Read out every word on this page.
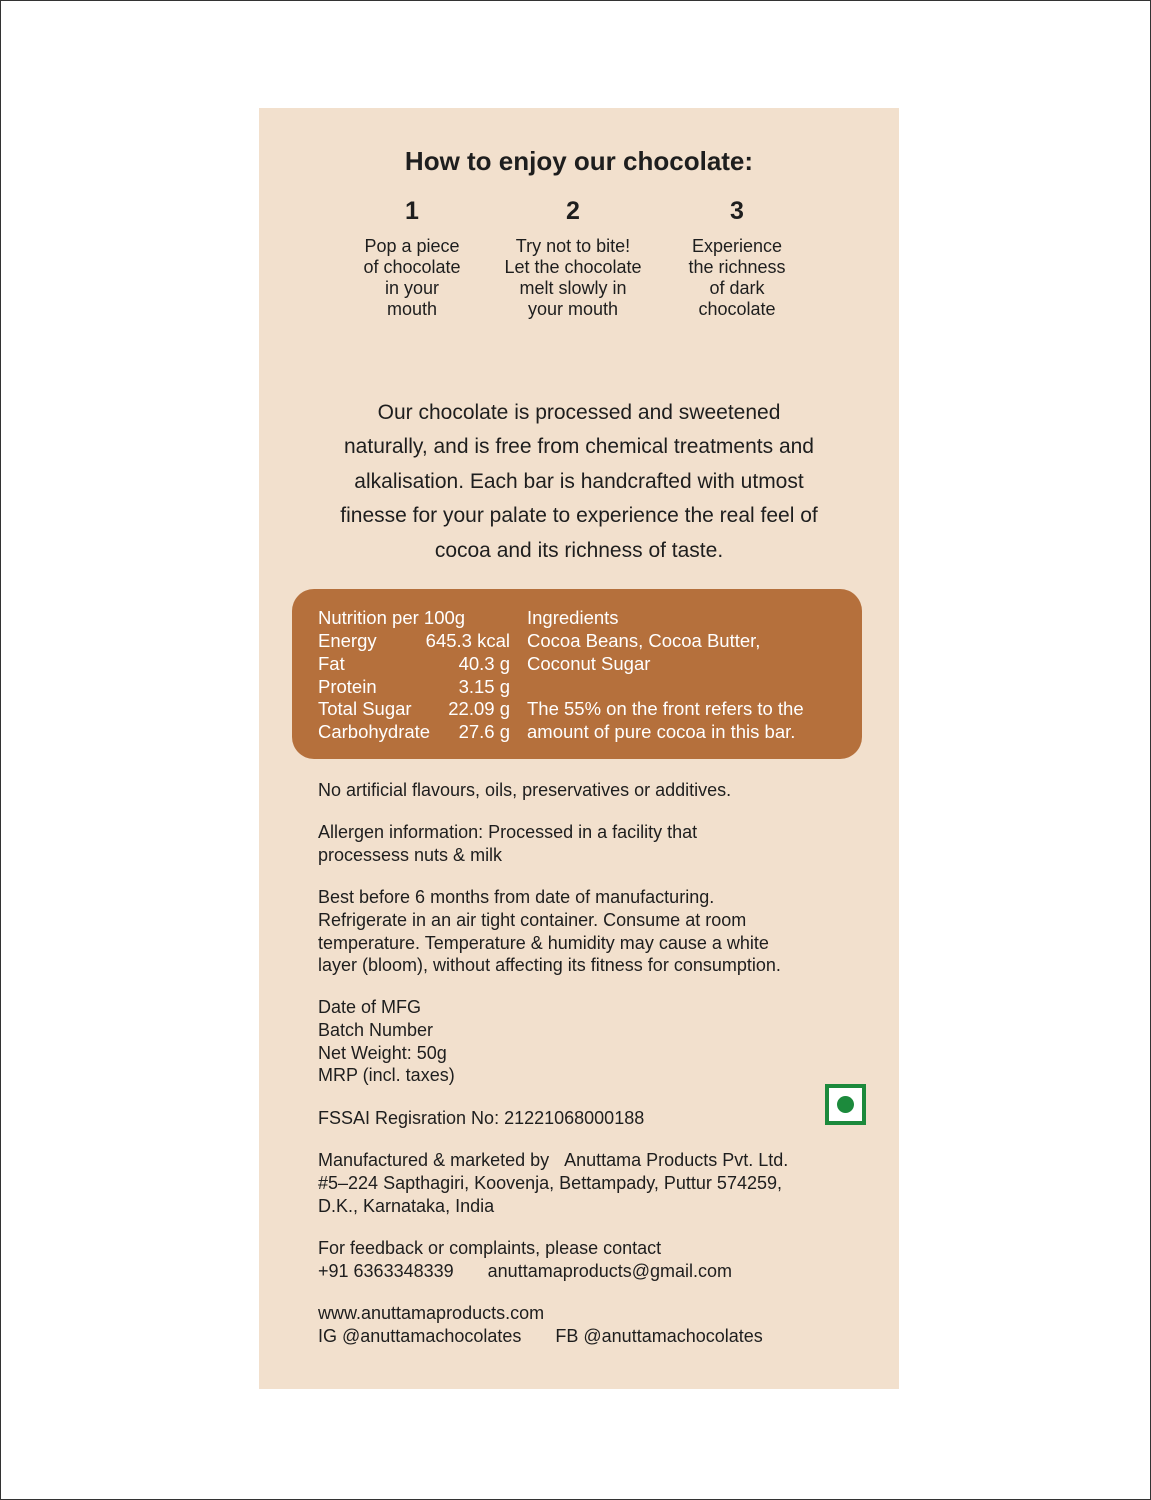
How to enjoy our chocolate:
1
Pop a piece
of chocolate
in your
mouth
2
Try not to bite!
Let the chocolate
melt slowly in
your mouth
3
Experience
the richness
of dark
chocolate
Our chocolate is processed and sweetened
naturally, and is free from chemical treatments and
alkalisation. Each bar is handcrafted with utmost
finesse for your palate to experience the real feel of
cocoa and its richness of taste.
Nutrition per 100g
Energy	645.3 kcal
Fat	40.3 g
Protein	3.15 g
Total Sugar 22.09 g
Carbohydrate 27.6 g
Ingredients
Cocoa Beans, Cocoa Butter,
Coconut Sugar
The 55% on the front refers to the
amount of pure cocoa in this bar.
No artificial flavours, oils, preservatives or additives.
Allergen information: Processed in a facility that
processess nuts & milk
Best before 6 months from date of manufacturing.
Refrigerate in an air tight container. Consume at room
temperature. Temperature & humidity may cause a white
layer (bloom), without affecting its fitness for consumption.
Date of MFG
Batch Number
Net Weight: 50g
MRP (incl. taxes)
FSSAI Regisration No: 21221068000188
Manufactured & marketed by Anuttama Products Pvt. Ltd.
#5–224 Sapthagiri, Koovenja, Bettampady, Puttur 574259,
D.K., Karnataka, India
For feedback or complaints, please contact
+91 6363348339 anuttamaproducts@gmail.com
www.anuttamaproducts.com
IG @anuttamachocolates FB @anuttamachocolates
